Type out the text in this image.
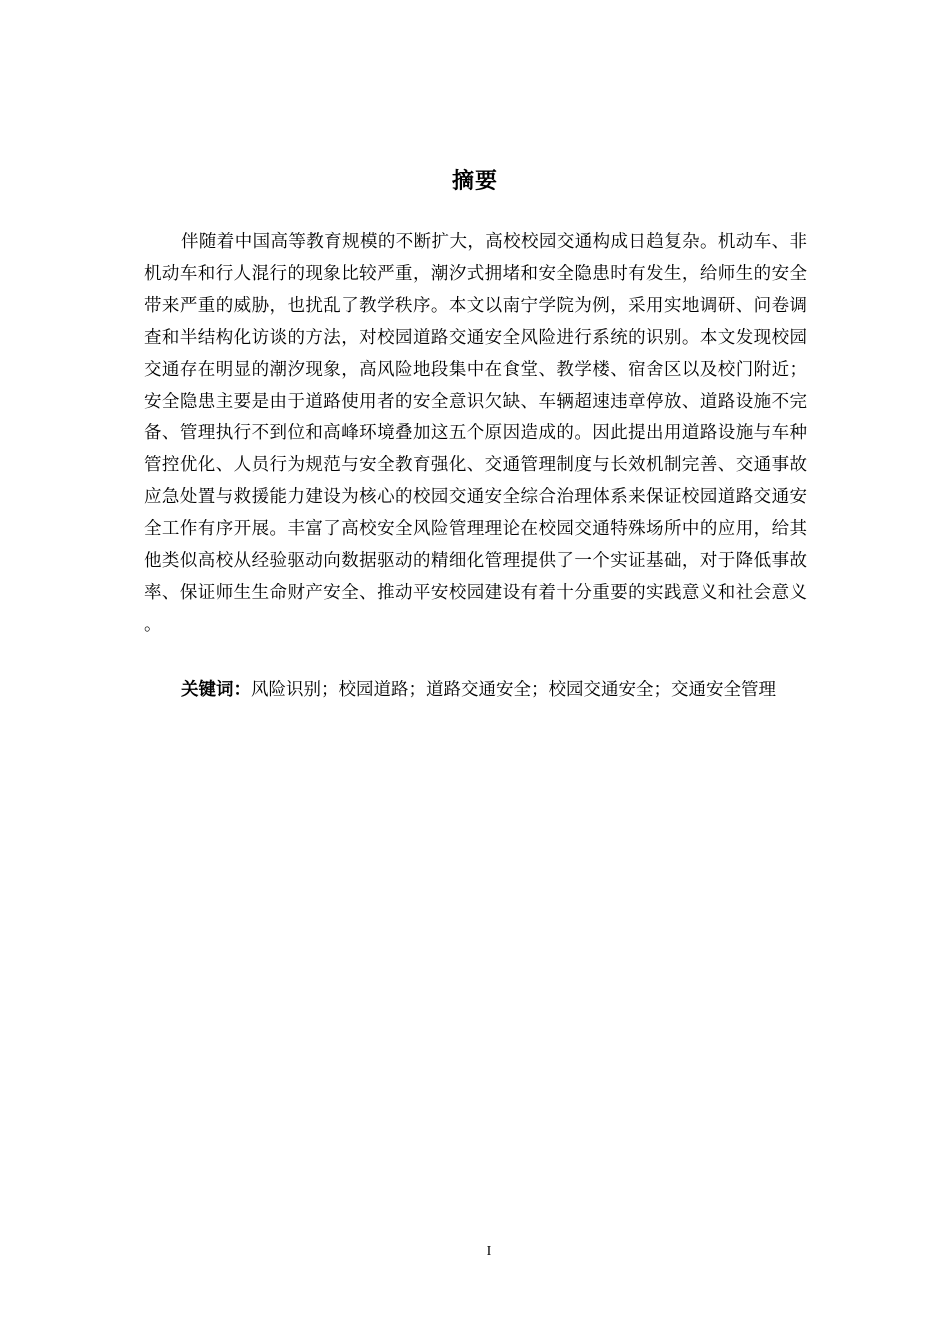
摘要

伴随着中国高等教育规模的不断扩大，高校校园交通构成日趋复杂。机动车、非机动车和行人混行的现象比较严重，潮汐式拥堵和安全隐患时有发生，给师生的安全带来严重的威胁，也扰乱了教学秩序。本文以南宁学院为例，采用实地调研、问卷调查和半结构化访谈的方法，对校园道路交通安全风险进行系统的识别。本文发现校园交通存在明显的潮汐现象，高风险地段集中在食堂、教学楼、宿舍区以及校门附近；安全隐患主要是由于道路使用者的安全意识欠缺、车辆超速违章停放、道路设施不完备、管理执行不到位和高峰环境叠加这五个原因造成的。因此提出用道路设施与车种管控优化、人员行为规范与安全教育强化、交通管理制度与长效机制完善、交通事故应急处置与救援能力建设为核心的校园交通安全综合治理体系来保证校园道路交通安全工作有序开展。丰富了高校安全风险管理理论在校园交通特殊场所中的应用，给其他类似高校从经验驱动向数据驱动的精细化管理提供了一个实证基础，对于降低事故率、保证师生生命财产安全、推动平安校园建设有着十分重要的实践意义和社会意义。

关键词：风险识别；校园道路；道路交通安全；校园交通安全；交通安全管理

I
